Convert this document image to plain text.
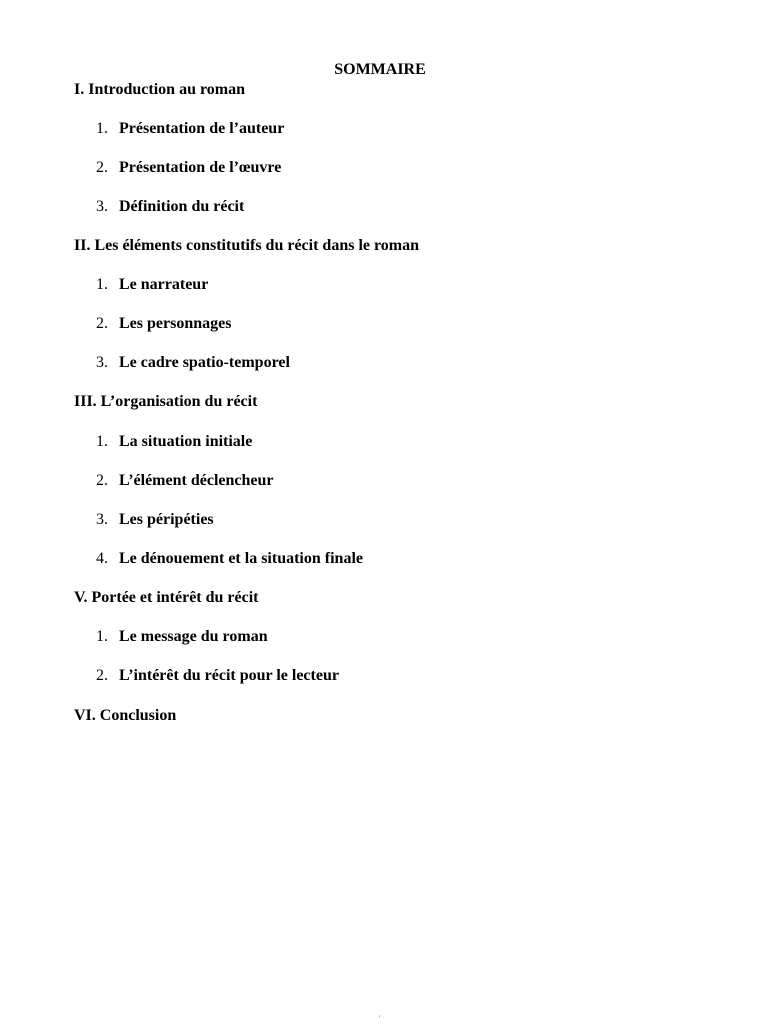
SOMMAIRE

I. Introduction au roman

1. Présentation de l’auteur

2. Présentation de l’œuvre

3. Définition du récit

II. Les éléments constitutifs du récit dans le roman

1. Le narrateur

2. Les personnages

3. Le cadre spatio-temporel

III. L’organisation du récit

1. La situation initiale

2. L’élément déclencheur

3. Les péripéties

4. Le dénouement et la situation finale

V. Portée et intérêt du récit

1. Le message du roman

2. L’intérêt du récit pour le lecteur

VI. Conclusion

'
